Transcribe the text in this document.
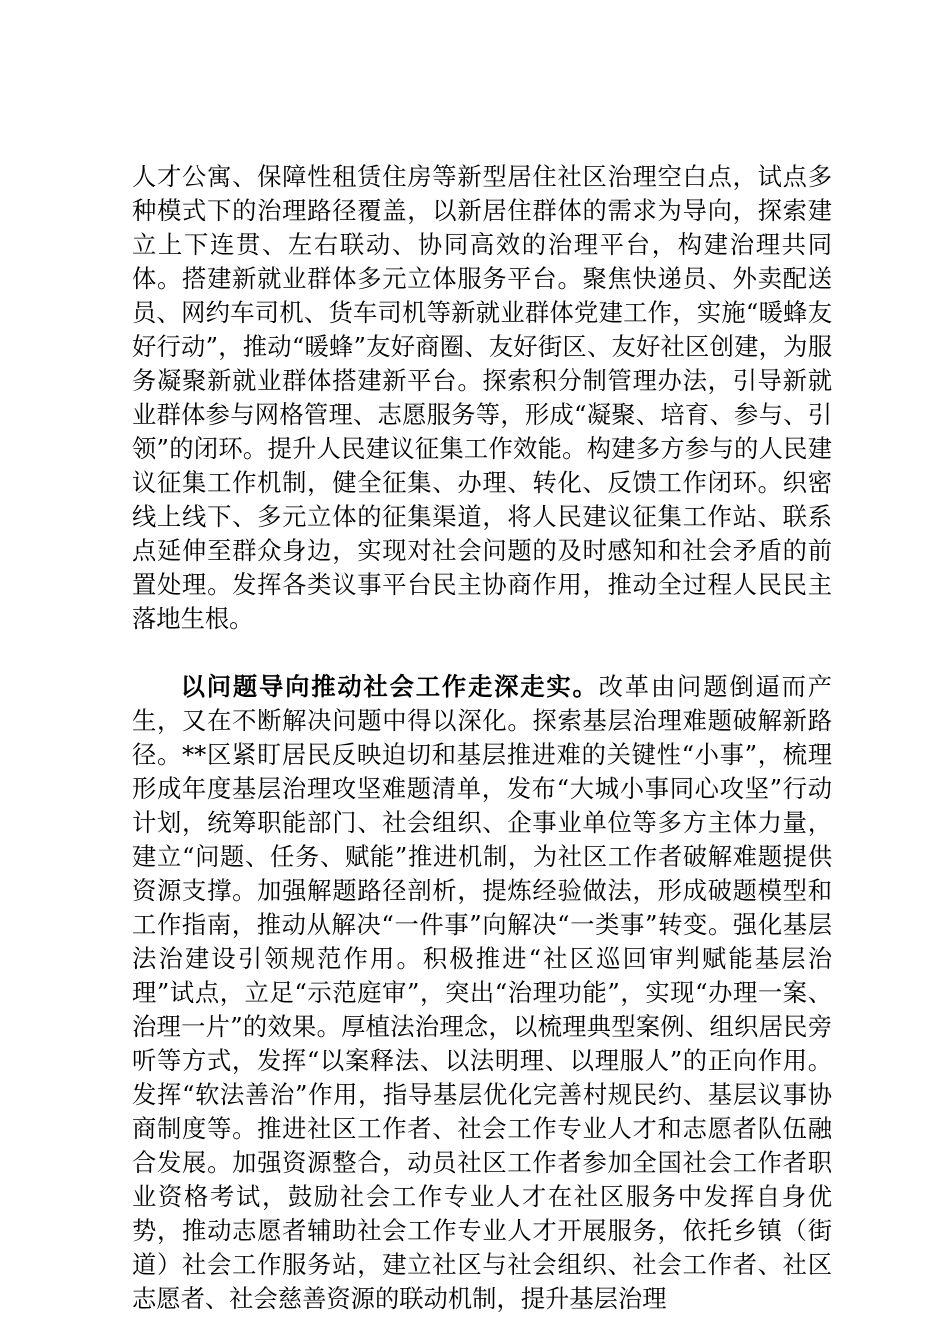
人才公寓、保障性租赁住房等新型居住社区治理空白点，试点多种模式下的治理路径覆盖，以新居住群体的需求为导向，探索建立上下连贯、左右联动、协同高效的治理平台，构建治理共同体。搭建新就业群体多元立体服务平台。聚焦快递员、外卖配送员、网约车司机、货车司机等新就业群体党建工作，实施“暖蜂友好行动”，推动“暖蜂”友好商圈、友好街区、友好社区创建，为服务凝聚新就业群体搭建新平台。探索积分制管理办法，引导新就业群体参与网格管理、志愿服务等，形成“凝聚、培育、参与、引领”的闭环。提升人民建议征集工作效能。构建多方参与的人民建议征集工作机制，健全征集、办理、转化、反馈工作闭环。织密线上线下、多元立体的征集渠道，将人民建议征集工作站、联系点延伸至群众身边，实现对社会问题的及时感知和社会矛盾的前置处理。发挥各类议事平台民主协商作用，推动全过程人民民主落地生根。

以问题导向推动社会工作走深走实。改革由问题倒逼而产生，又在不断解决问题中得以深化。探索基层治理难题破解新路径。**区紧盯居民反映迫切和基层推进难的关键性“小事”，梳理形成年度基层治理攻坚难题清单，发布“大城小事同心攻坚”行动计划，统筹职能部门、社会组织、企事业单位等多方主体力量，建立“问题、任务、赋能”推进机制，为社区工作者破解难题提供资源支撑。加强解题路径剖析，提炼经验做法，形成破题模型和工作指南，推动从解决“一件事”向解决“一类事”转变。强化基层法治建设引领规范作用。积极推进“社区巡回审判赋能基层治理”试点，立足“示范庭审”，突出“治理功能”，实现“办理一案、治理一片”的效果。厚植法治理念，以梳理典型案例、组织居民旁听等方式，发挥“以案释法、以法明理、以理服人”的正向作用。发挥“软法善治”作用，指导基层优化完善村规民约、基层议事协商制度等。推进社区工作者、社会工作专业人才和志愿者队伍融合发展。加强资源整合，动员社区工作者参加全国社会工作者职业资格考试，鼓励社会工作专业人才在社区服务中发挥自身优势，推动志愿者辅助社会工作专业人才开展服务，依托乡镇（街道）社会工作服务站，建立社区与社会组织、社会工作者、社区志愿者、社会慈善资源的联动机制，提升基层治理
